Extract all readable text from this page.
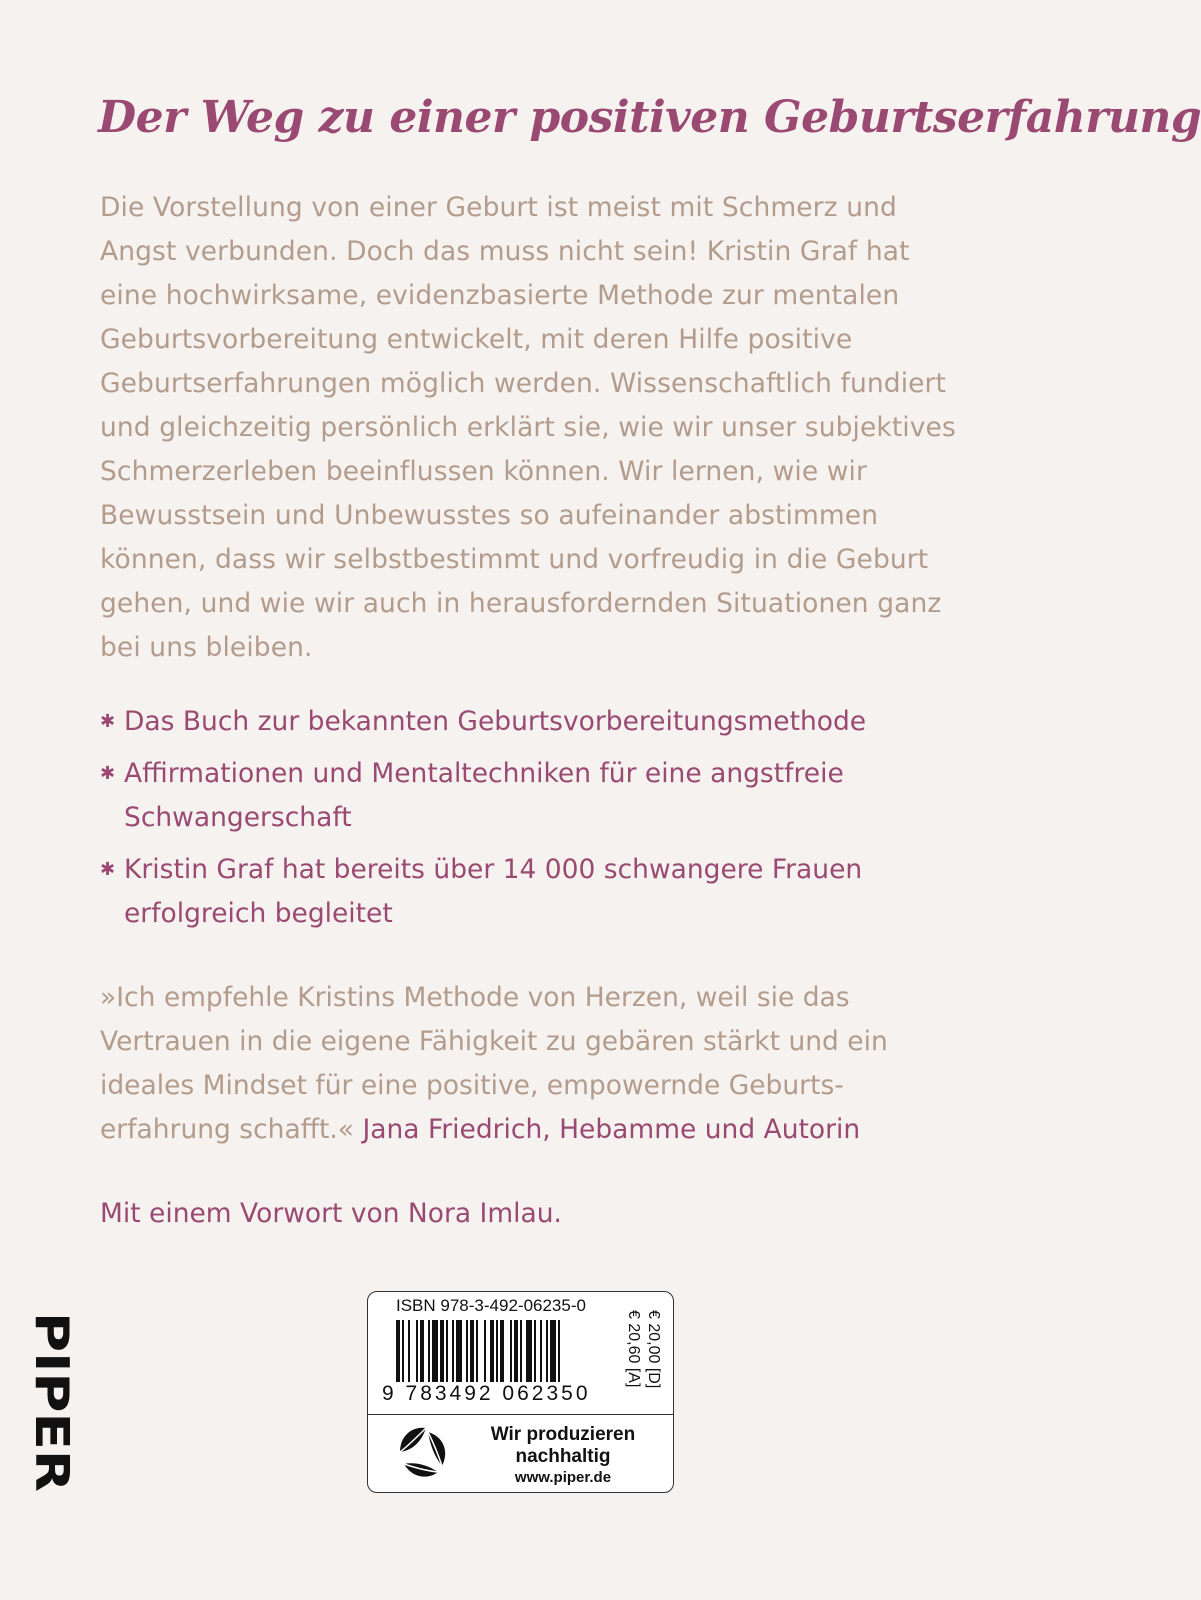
Der Weg zu einer positiven Geburtserfahrung

Die Vorstellung von einer Geburt ist meist mit Schmerz und Angst verbunden. Doch das muss nicht sein! Kristin Graf hat eine hochwirksame, evidenzbasierte Methode zur mentalen Geburtsvorbereitung entwickelt, mit deren Hilfe positive Geburtserfahrungen möglich werden. Wissenschaftlich fundiert und gleichzeitig persönlich erklärt sie, wie wir unser subjektives Schmerzerleben beeinflussen können. Wir lernen, wie wir Bewusstsein und Unbewusstes so aufeinander abstimmen können, dass wir selbstbestimmt und vorfreudig in die Geburt gehen, und wie wir auch in herausfordernden Situationen ganz bei uns bleiben.

✱ Das Buch zur bekannten Geburtsvorbereitungsmethode
✱ Affirmationen und Mentaltechniken für eine angstfreie Schwangerschaft
✱ Kristin Graf hat bereits über 14 000 schwangere Frauen erfolgreich begleitet

»Ich empfehle Kristins Methode von Herzen, weil sie das Vertrauen in die eigene Fähigkeit zu gebären stärkt und ein ideales Mindset für eine positive, empowernde Geburts-erfahrung schafft.« Jana Friedrich, Hebamme und Autorin

Mit einem Vorwort von Nora Imlau.

PIPER
ISBN 978-3-492-06235-0
9 783492 062350
€ 20,00 [D]
€ 20,60 [A]
Wir produzieren
nachhaltig
www.piper.de
